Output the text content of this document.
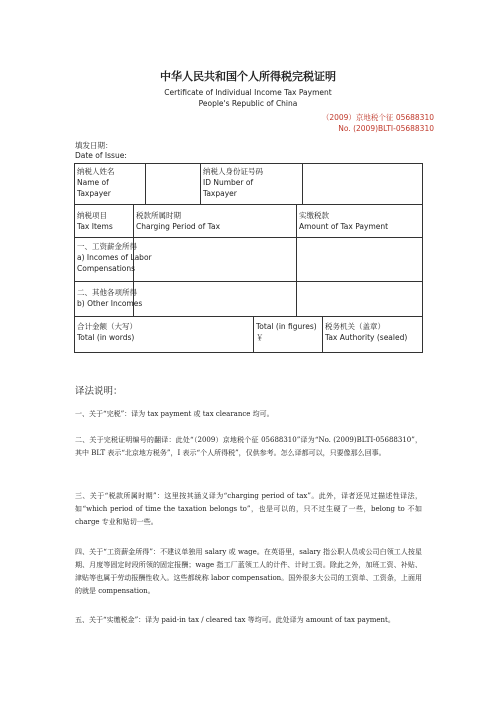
中华人民共和国个人所得税完税证明
Certificate of Individual Income Tax Payment
People's Republic of China
（2009）京地税个征 05688310
No. (2009)BLTI-05688310
填发日期：
Date of Issue:
纳税人姓名
Name of
Taxpayer
纳税人身份证号码
ID Number of
Taxpayer
纳税项目
Tax Items
税款所属时期
Charging Period of Tax
实缴税款
Amount of Tax Payment
一、工资薪金所得
a) Incomes of Labor
Compensations
二、其他各项所得
b) Other Incomes
合计金额（大写）
Total (in words)
Total (in figures)
￥
税务机关（盖章）
Tax Authority (sealed)
译法说明：
一、关于“完税”：译为 tax payment 或 tax clearance 均可。
二、关于完税证明编号的翻译：此处“（2009）京地税个征 05688310”译为“No. (2009)BLTI-05688310”，其中 BLT 表示“北京地方税务”，I 表示“个人所得税”，仅供参考。怎么译都可以，只要像那么回事。
三、关于“税款所属时期”：这里按其涵义译为“charging period of tax”。此外，译者还见过描述性译法，如“which period of time the taxation belongs to”，也是可以的，只不过生硬了一些，belong to 不如 charge 专业和贴切一些。
四、关于“工资薪金所得”：不建议单独用 salary 或 wage。在英语里，salary 指公职人员或公司白领工人按星期、月度等固定时段所领的固定报酬；wage 指工厂蓝领工人的计件、计时工资。除此之外，加班工资、补贴、津贴等也属于劳动报酬性收入。这些都统称 labor compensation。国外很多大公司的工资单、工资条，上面用的就是 compensation。
五、关于“实缴税金”：译为 paid-in tax / cleared tax 等均可。此处译为 amount of tax payment。
